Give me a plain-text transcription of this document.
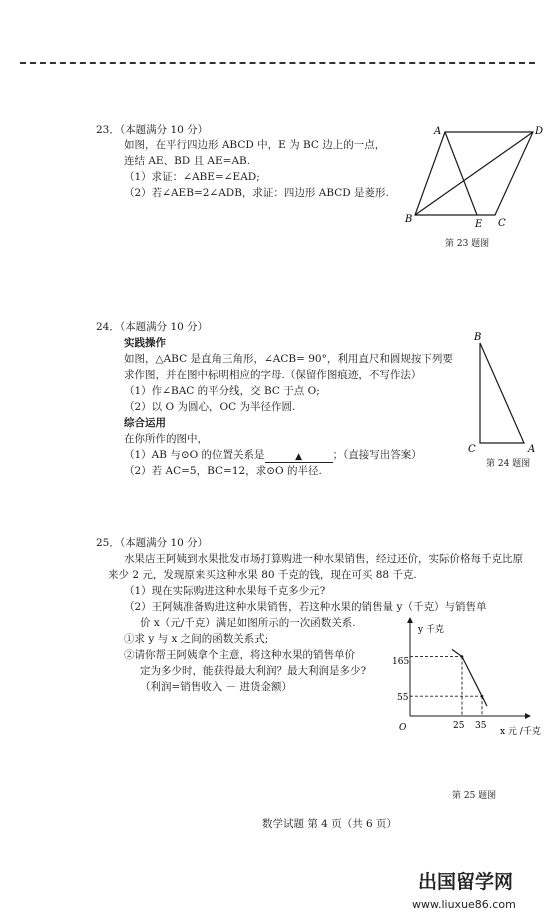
23．（本题满分 10 分）
如图，在平行四边形 ABCD 中，E 为 BC 边上的一点，
连结 AE、BD 且 AE=AB.
（1）求证：∠ABE=∠EAD;
（2）若∠AEB=2∠ADB，求证：四边形 ABCD 是菱形.
A	D
B	E C
第 23 题图
24．（本题满分 10 分）
实践操作
如图，△ABC 是直角三角形，∠ACB= 90°，利用直尺和圆规按下列要
求作图，并在图中标明相应的字母.（保留作图痕迹，不写作法）
（1）作∠BAC 的平分线，交 BC 于点 O;
（2）以 O 为圆心，OC 为半径作圆.
综合运用
在你所作的图中，
（1）AB 与⊙O 的位置关系是	▲	；（直接写出答案）
（2）若 AC=5，BC=12，求⊙O 的半径.
B
C	A
第 24 题图
25．（本题满分 10 分）
水果店王阿姨到水果批发市场打算购进一种水果销售，经过还价，实际价格每千克比原
来少 2 元，发现原来买这种水果 80 千克的钱，现在可买 88 千克.
（1）现在实际购进这种水果每千克多少元?
（2）王阿姨准备购进这种水果销售，若这种水果的销售量 y（千克）与销售单
价 x（元/千克）满足如图所示的一次函数关系.
①求 y 与 x 之间的函数关系式;
②请你帮王阿姨拿个主意，将这种水果的销售单价
定为多少时，能获得最大利润？最大利润是多少?
（利润=销售收入 － 进货金额）
y 千克
x 元 /千克
O
165
55
25 35
第 25 题图
数学试题 第 4 页（共 6 页）
出国留学网
www.liuxue86.com
